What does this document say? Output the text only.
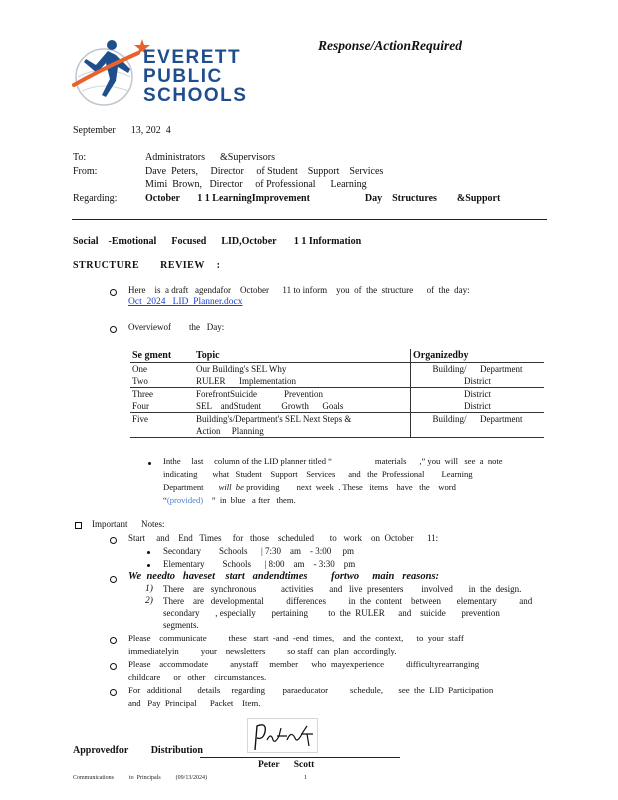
EVERETT
PUBLIC
SCHOOLS
Response/ActionRequired
September      13, 202  4
To:	Administrators      &Supervisors
From:	Dave  Peters,     Director     of Student    Support    Services
Mimi  Brown,   Director     of Professional      Learning
Regarding:	October       1 1 LearningImprovement                      Day    Structures        &Support
Social    -Emotional      Focused      LID,October       1 1 Information
STRUCTURE       REVIEW    :
Here    is  a draft   agendafor    October      11 to inform    you  of  the  structure      of  the  day:
Oct  2024   LID  Planner.docx
Overviewof        the   Day:
Se gment	Topic	Organizedby
One	Our Building's SEL Why	Building/      Department
Two	RULER      Implementation	District
Three	ForefrontSuicide            Prevention	District
Four	SEL    andStudent         Growth      Goals	District
Five	Building's/Department's SEL Next Steps &
Action     Planning	Building/      Department
Inthe     last     column of the LID planner titled “                    materials      ,” you  will   see  a  note
indicating       what   Student    Support    Services      and   the  Professional        Learning
Department       will  be providing        next  week  . These   items    have   the    word
“(provided)    ”  in  blue   a fter   them.
Important      Notes:
Start     and    End   Times     for   those    scheduled       to   work    on  October      11:
Secondary        Schools      | 7:30    am    - 3:00     pm
Elementary        Schools      | 8:00    am    - 3:30    pm
We  needto   haveset    start   andendtimes         fortwo     main   reasons:
1) There    are   synchronous           activities       and   live  presenters        involved       in  the  design.
2) There    are   developmental          differences          in  the  content    between       elementary          and
secondary       , especially       pertaining         to  the  RULER      and    suicide       prevention
segments.
Please    communicate          these   start  -and  -end  times,    and  the  context,      to  your  staff
immediatelyin          your    newsletters          so staff  can  plan  accordingly.
Please    accommodate          anystaff     member      who  mayexperience          difficultyrearranging
childcare      or   other    circumstances.
For   additional       details     regarding        paraeducator          schedule,       see  the  LID  Participation
and   Pay  Principal      Packet    Item.
Approvedfor         Distribution
Peter      Scott
Communications          to  Principals          (09/13/2024)	1
